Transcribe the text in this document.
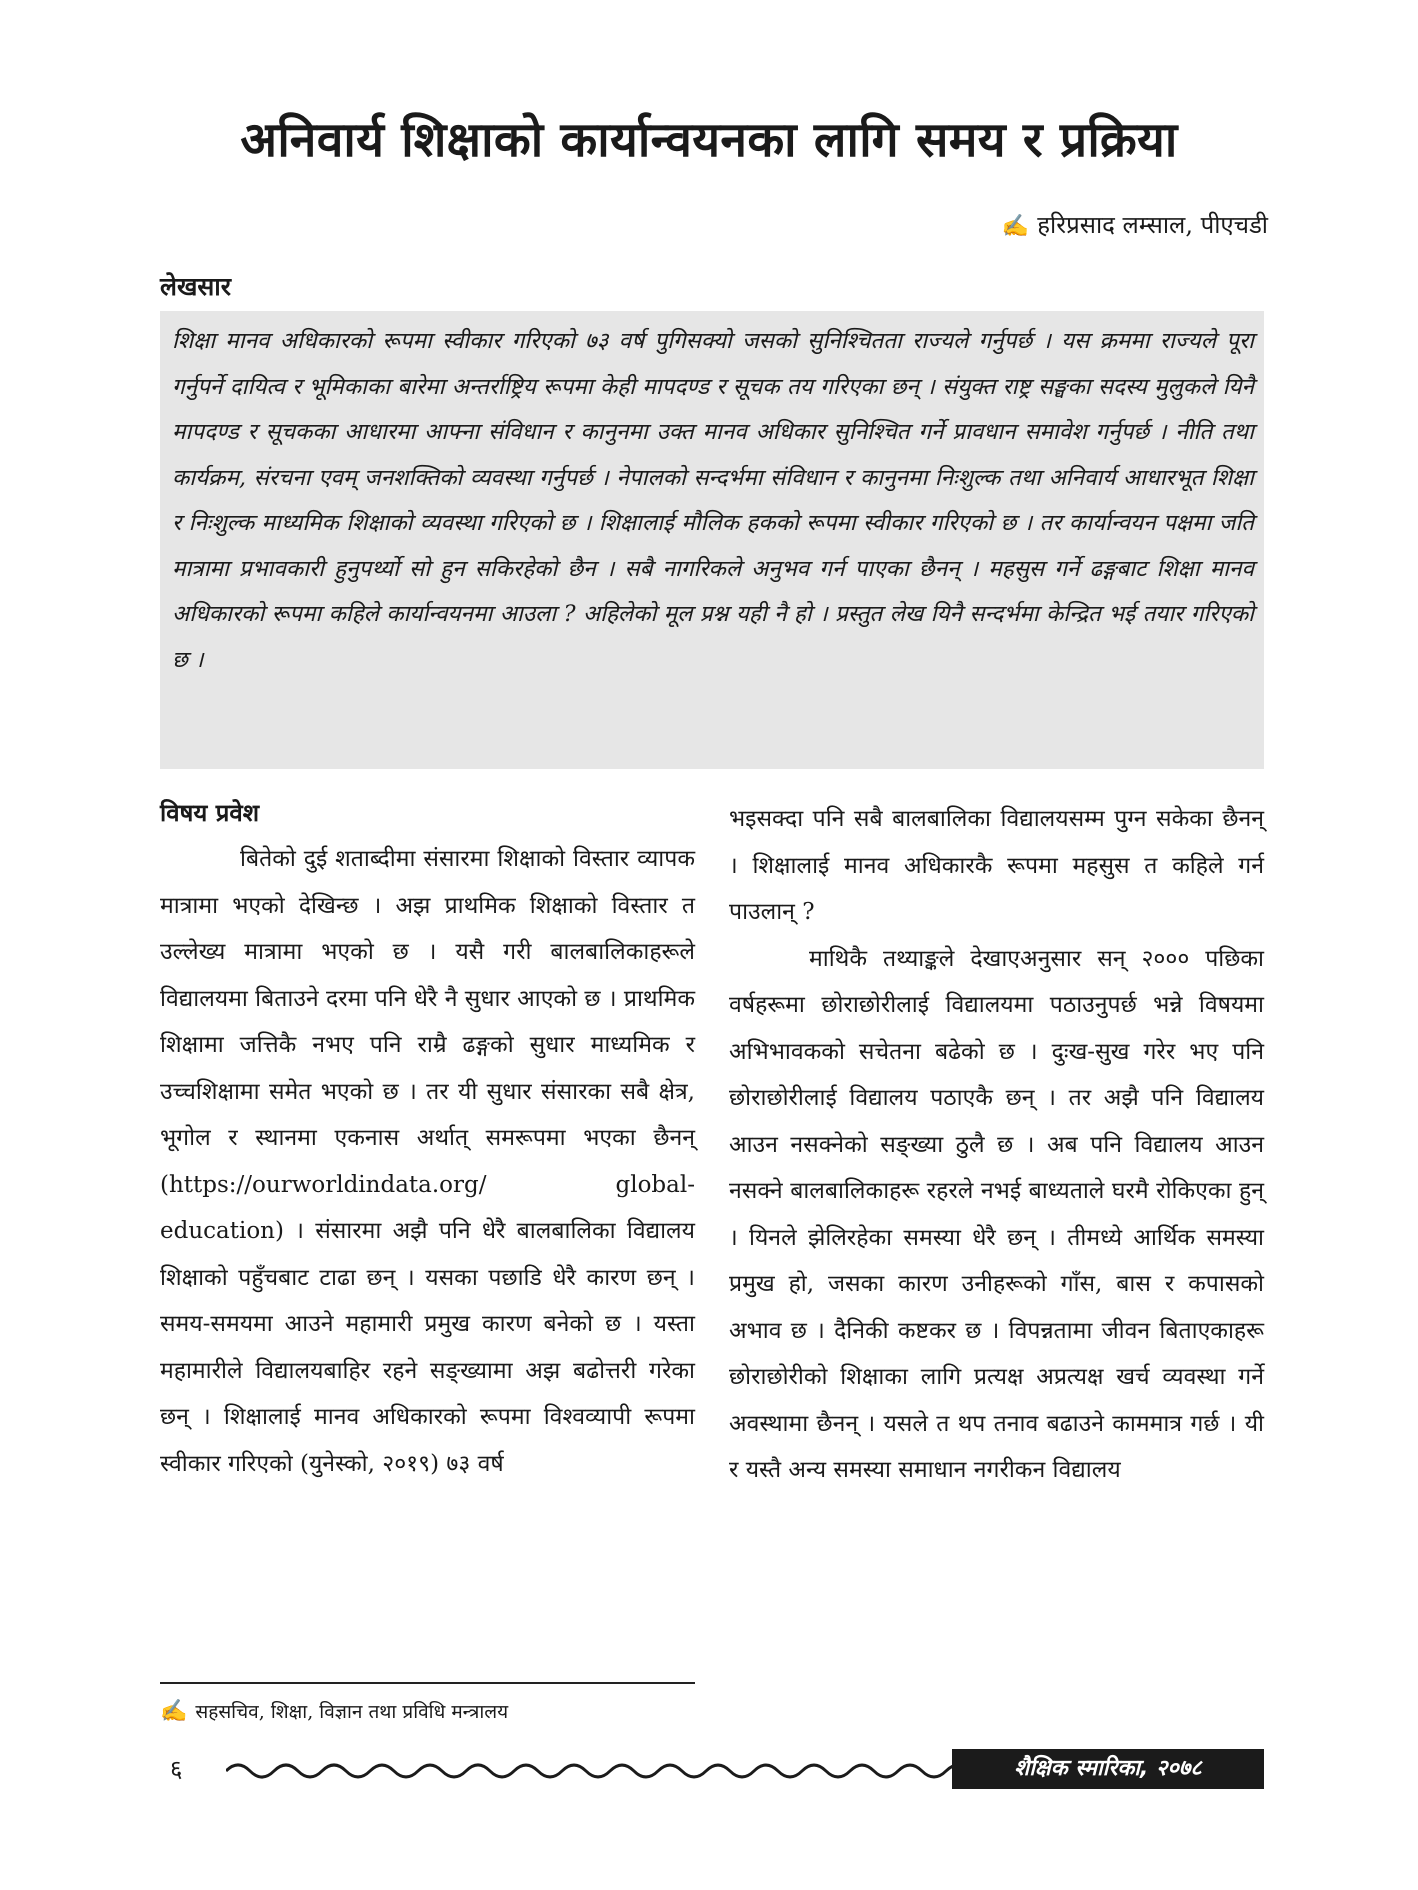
अनिवार्य शिक्षाको कार्यान्वयनका लागि समय र प्रक्रिया
✍ हरिप्रसाद लम्साल, पीएचडी
लेखसार

शिक्षा मानव अधिकारको रूपमा स्वीकार गरिएको ७३ वर्ष पुगिसक्यो जसको सुनिश्चितता राज्यले गर्नुपर्छ । यस क्रममा राज्यले पूरा गर्नुपर्ने दायित्व र भूमिकाका बारेमा अन्तर्राष्ट्रिय रूपमा केही मापदण्ड र सूचक तय गरिएका छन् । संयुक्त राष्ट्र सङ्घका सदस्य मुलुकले यिनै मापदण्ड र सूचकका आधारमा आफ्ना संविधान र कानुनमा उक्त मानव अधिकार सुनिश्चित गर्ने प्रावधान समावेश गर्नुपर्छ । नीति तथा कार्यक्रम, संरचना एवम् जनशक्तिको व्यवस्था गर्नुपर्छ । नेपालको सन्दर्भमा संविधान र कानुनमा निःशुल्क तथा अनिवार्य आधारभूत शिक्षा र निःशुल्क माध्यमिक शिक्षाको व्यवस्था गरिएको छ । शिक्षालाई मौलिक हकको रूपमा स्वीकार गरिएको छ । तर कार्यान्वयन पक्षमा जति मात्रामा प्रभावकारी हुनुपर्थ्यो सो हुन सकिरहेको छैन । सबै नागरिकले अनुभव गर्न पाएका छैनन् । महसुस गर्ने ढङ्गबाट शिक्षा मानव अधिकारको रूपमा कहिले कार्यान्वयनमा आउला ? अहिलेको मूल प्रश्न यही नै हो । प्रस्तुत लेख यिनै सन्दर्भमा केन्द्रित भई तयार गरिएको छ ।

विषय प्रवेश

बितेको दुई शताब्दीमा संसारमा शिक्षाको विस्तार व्यापक मात्रामा भएको देखिन्छ । अझ प्राथमिक शिक्षाको विस्तार त उल्लेख्य मात्रामा भएको छ । यसै गरी बालबालिकाहरूले विद्यालयमा बिताउने दरमा पनि धेरै नै सुधार आएको छ । प्राथमिक शिक्षामा जत्तिकै नभए पनि राम्रै ढङ्गको सुधार माध्यमिक र उच्चशिक्षामा समेत भएको छ । तर यी सुधार संसारका सबै क्षेत्र, भूगोल र स्थानमा एकनास अर्थात् समरूपमा भएका छैनन् (https://ourworldindata.org/ global-education) । संसारमा अझै पनि धेरै बालबालिका विद्यालय शिक्षाको पहुँचबाट टाढा छन् । यसका पछाडि धेरै कारण छन् । समय-समयमा आउने महामारी प्रमुख कारण बनेको छ । यस्ता महामारीले विद्यालयबाहिर रहने सङ्ख्यामा अझ बढोत्तरी गरेका छन् । शिक्षालाई मानव अधिकारको रूपमा विश्वव्यापी रूपमा स्वीकार गरिएको (युनेस्को, २०१९) ७३ वर्ष

भइसक्दा पनि सबै बालबालिका विद्यालयसम्म पुग्न सकेका छैनन् । शिक्षालाई मानव अधिकारकै रूपमा महसुस त कहिले गर्न पाउलान् ?

माथिकै तथ्याङ्कले देखाएअनुसार सन् २००० पछिका वर्षहरूमा छोराछोरीलाई विद्यालयमा पठाउनुपर्छ भन्ने विषयमा अभिभावकको सचेतना बढेको छ । दुःख-सुख गरेर भए पनि छोराछोरीलाई विद्यालय पठाएकै छन् । तर अझै पनि विद्यालय आउन नसक्नेको सङ्ख्या ठुलै छ । अब पनि विद्यालय आउन नसक्ने बालबालिकाहरू रहरले नभई बाध्यताले घरमै रोकिएका हुन् । यिनले झेलिरहेका समस्या धेरै छन् । तीमध्ये आर्थिक समस्या प्रमुख हो, जसका कारण उनीहरूको गाँस, बास र कपासको अभाव छ । दैनिकी कष्टकर छ । विपन्नतामा जीवन बिताएकाहरू छोराछोरीको शिक्षाका लागि प्रत्यक्ष अप्रत्यक्ष खर्च व्यवस्था गर्ने अवस्थामा छैनन् । यसले त थप तनाव बढाउने काममात्र गर्छ । यी र यस्तै अन्य समस्या समाधान नगरीकन विद्यालय

✍ सहसचिव, शिक्षा, विज्ञान तथा प्रविधि मन्त्रालय
६	शैक्षिक स्मारिका, २०७८
